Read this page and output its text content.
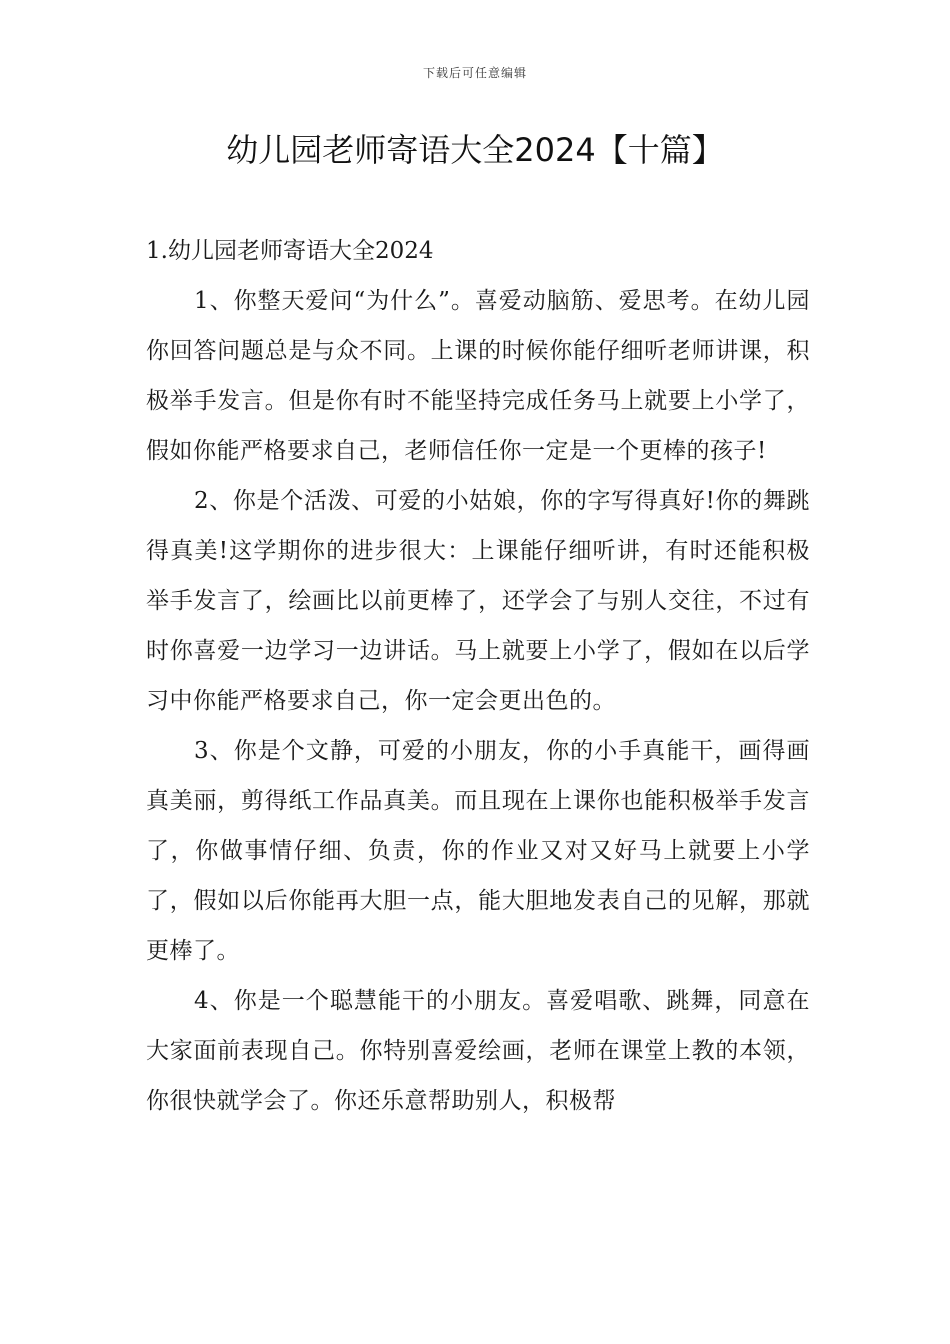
下载后可任意编辑
幼儿园老师寄语大全2024【十篇】

1.幼儿园老师寄语大全2024

1、你整天爱问“为什么”。喜爱动脑筋、爱思考。在幼儿园你回答问题总是与众不同。上课的时候你能仔细听老师讲课，积极举手发言。但是你有时不能坚持完成任务马上就要上小学了，假如你能严格要求自己，老师信任你一定是一个更棒的孩子!

2、你是个活泼、可爱的小姑娘，你的字写得真好!你的舞跳得真美!这学期你的进步很大：上课能仔细听讲，有时还能积极举手发言了，绘画比以前更棒了，还学会了与别人交往，不过有时你喜爱一边学习一边讲话。马上就要上小学了，假如在以后学习中你能严格要求自己，你一定会更出色的。

3、你是个文静，可爱的小朋友，你的小手真能干，画得画真美丽，剪得纸工作品真美。而且现在上课你也能积极举手发言了，你做事情仔细、负责，你的作业又对又好马上就要上小学了，假如以后你能再大胆一点，能大胆地发表自己的见解，那就更棒了。

4、你是一个聪慧能干的小朋友。喜爱唱歌、跳舞，同意在大家面前表现自己。你特别喜爱绘画，老师在课堂上教的本领，你很快就学会了。你还乐意帮助别人，积极帮
